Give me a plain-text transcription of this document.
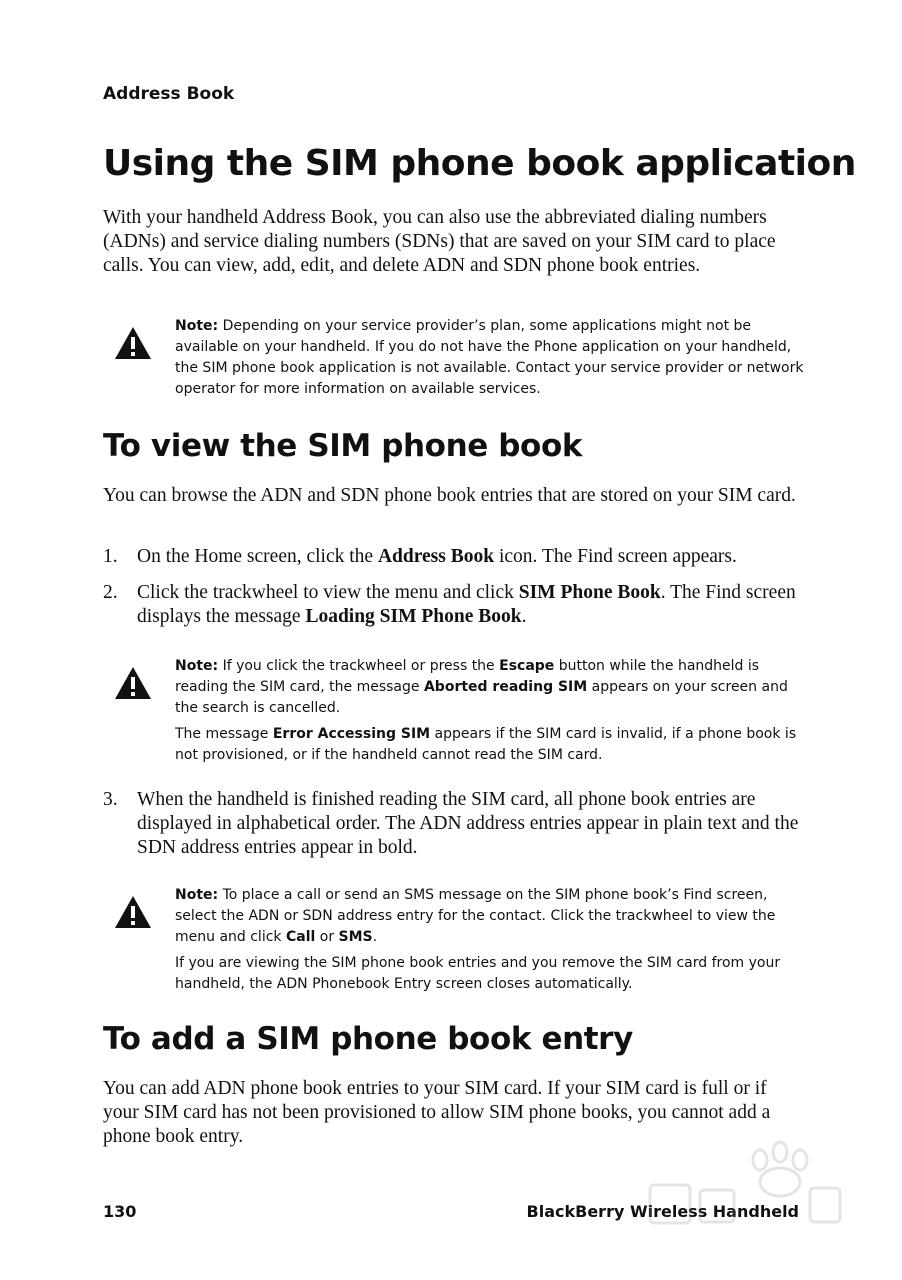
Address Book
Using the SIM phone book application

With your handheld Address Book, you can also use the abbreviated dialing numbers (ADNs) and service dialing numbers (SDNs) that are saved on your SIM card to place calls. You can view, add, edit, and delete ADN and SDN phone book entries.

Note: Depending on your service provider’s plan, some applications might not be available on your handheld. If you do not have the Phone application on your handheld, the SIM phone book application is not available. Contact your service provider or network operator for more information on available services.

To view the SIM phone book

You can browse the ADN and SDN phone book entries that are stored on your SIM card.

1. On the Home screen, click the Address Book icon. The Find screen appears.
2. Click the trackwheel to view the menu and click SIM Phone Book. The Find screen displays the message Loading SIM Phone Book.

Note: If you click the trackwheel or press the Escape button while the handheld is reading the SIM card, the message Aborted reading SIM appears on your screen and the search is cancelled.

The message Error Accessing SIM appears if the SIM card is invalid, if a phone book is not provisioned, or if the handheld cannot read the SIM card.

3. When the handheld is finished reading the SIM card, all phone book entries are displayed in alphabetical order. The ADN address entries appear in plain text and the SDN address entries appear in bold.

Note: To place a call or send an SMS message on the SIM phone book’s Find screen, select the ADN or SDN address entry for the contact. Click the trackwheel to view the menu and click Call or SMS.

If you are viewing the SIM phone book entries and you remove the SIM card from your handheld, the ADN Phonebook Entry screen closes automatically.

To add a SIM phone book entry

You can add ADN phone book entries to your SIM card. If your SIM card is full or if your SIM card has not been provisioned to allow SIM phone books, you cannot add a phone book entry.

130	BlackBerry Wireless Handheld
